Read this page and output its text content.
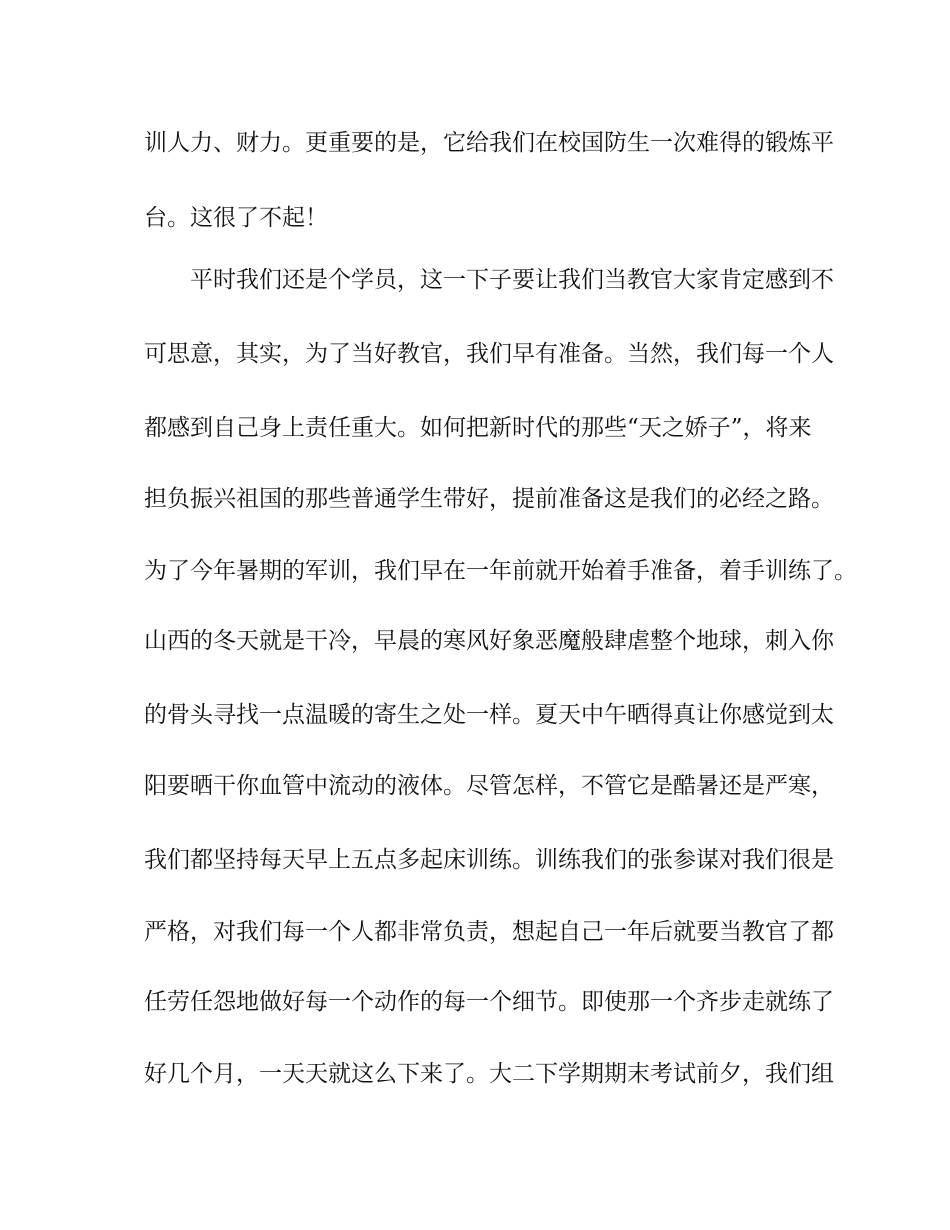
训人力、财力。更重要的是，它给我们在校国防生一次难得的锻炼平
台。这很了不起！
平时我们还是个学员，这一下子要让我们当教官大家肯定感到不
可思意，其实，为了当好教官，我们早有准备。当然，我们每一个人
都感到自己身上责任重大。如何把新时代的那些“天之娇子”，将来
担负振兴祖国的那些普通学生带好，提前准备这是我们的必经之路。
为了今年暑期的军训，我们早在一年前就开始着手准备，着手训练了。
山西的冬天就是干冷，早晨的寒风好象恶魔般肆虐整个地球，刺入你
的骨头寻找一点温暖的寄生之处一样。夏天中午晒得真让你感觉到太
阳要晒干你血管中流动的液体。尽管怎样，不管它是酷暑还是严寒，
我们都坚持每天早上五点多起床训练。训练我们的张参谋对我们很是
严格，对我们每一个人都非常负责，想起自己一年后就要当教官了都
任劳任怨地做好每一个动作的每一个细节。即使那一个齐步走就练了
好几个月，一天天就这么下来了。大二下学期期末考试前夕，我们组
